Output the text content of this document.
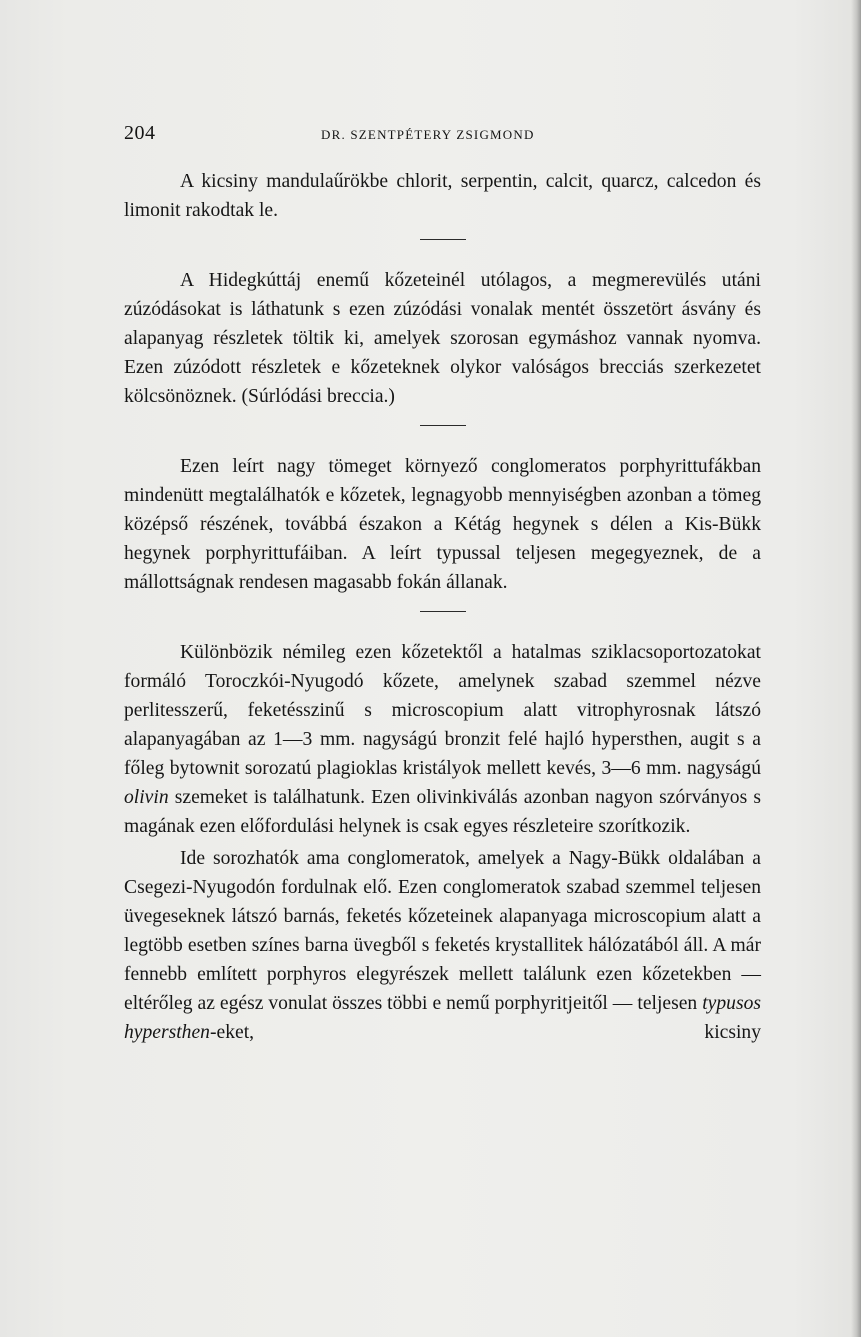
204	DR. SZENTPÉTERY ZSIGMOND

A kicsiny mandulaűrökbe chlorit, serpentin, calcit, quarcz, calcedon és limonit rakodtak le.

A Hidegkúttáj enemű kőzeteinél utólagos, a megmerevülés utáni zúzódásokat is láthatunk s ezen zúzódási vonalak mentét összetört ásvány és alapanyag részletek töltik ki, amelyek szorosan egymáshoz vannak nyomva. Ezen zúzódott részletek e kőzeteknek olykor valóságos brecciás szerkezetet kölcsönöznek. (Súrlódási breccia.)

Ezen leírt nagy tömeget környező conglomeratos porphyrittufákban mindenütt megtalálhatók e kőzetek, legnagyobb mennyiségben azonban a tömeg középső részének, továbbá északon a Kétág hegynek s délen a Kis-Bükk hegynek porphyrittufáiban. A leírt typussal teljesen megegyeznek, de a mállottságnak rendesen magasabb fokán állanak.

Különbözik némileg ezen kőzetektől a hatalmas sziklacsoportozatokat formáló Toroczkói-Nyugodó kőzete, amelynek szabad szemmel nézve perlitesszerű, feketésszinű s microscopium alatt vitrophyrosnak látszó alapanyagában az 1—3 mm. nagyságú bronzit felé hajló hypersthen, augit s a főleg bytownit sorozatú plagioklas kristályok mellett kevés, 3—6 mm. nagyságú olivin szemeket is találhatunk. Ezen olivinkiválás azonban nagyon szórványos s magának ezen előfordulási helynek is csak egyes részleteire szorítkozik.

Ide sorozhatók ama conglomeratok, amelyek a Nagy-Bükk oldalában a Csegezi-Nyugodón fordulnak elő. Ezen conglomeratok szabad szemmel teljesen üvegeseknek látszó barnás, feketés kőzeteinek alapanyaga microscopium alatt a legtöbb esetben színes barna üvegből s feketés krystallitek hálózatából áll. A már fennebb említett porphyros elegyrészek mellett találunk ezen kőzetekben — eltérőleg az egész vonulat összes többi e nemű porphyritjeitől — teljesen typusos hypersthen-eket, kicsiny
